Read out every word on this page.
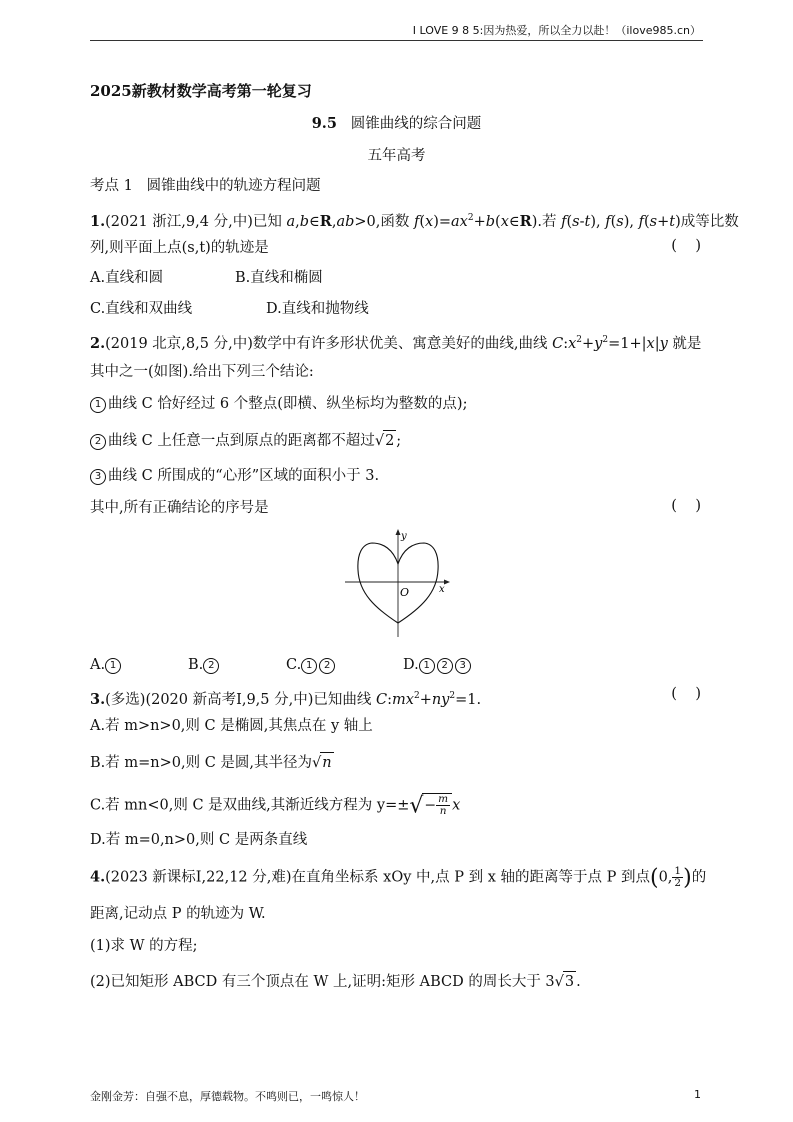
I LOVE 9 8 5:因为热爱，所以全力以赴！（ilove985.cn）
2025新教材数学高考第一轮复习
9.5 圆锥曲线的综合问题
五年高考
考点 1 圆锥曲线中的轨迹方程问题
1.(2021 浙江,9,4 分,中)已知 a,b∈R,ab>0,函数 $f(x)=ax^2+b(x\in R)$.若 f(s-t), f(s), f(s+t)成等比数
列,则平面上点(s,t)的轨迹是	(    )
A.直线和圆	B.直线和椭圆
C.直线和双曲线	D.直线和抛物线
2.(2019 北京,8,5 分,中)数学中有许多形状优美、寓意美好的曲线,曲线 $C:x^2+y^2=1+|x|y$ 就是
其中之一(如图).给出下列三个结论:
1 曲线 C 恰好经过 6 个整点(即横、纵坐标均为整数的点);
2 曲线 C 上任意一点到原点的距离都不超过√2 ;
3 曲线 C 所围成的“心形”区域的面积小于 3.
其中,所有正确结论的序号是	(    )
O	x
y
A. 1	B. 2	C. 1 2	D. 1 2 3
3.(多选)(2020 新高考Ⅰ,9,5 分,中)已知曲线 $C:mx^2+ny^2=1$.	(    )
A.若 m>n>0,则 C 是椭圆,其焦点在 y 轴上
B.若 m=n>0,则 C 是圆,其半径为√n
C.若 mn<0,则 C 是双曲线,其渐近线方程为 $y=\pm√- \frac{m}{n}$ x
D.若 m=0,n>0,则 C 是两条直线
4.(2023 新课标Ⅰ,22,12 分,难)在直角坐标系 xOy 中,点 P 到 x 轴的距离等于点 P 到点(0, $\frac{1}{2}$ )的
距离,记动点 P 的轨迹为 W.
(1)求 W 的方程;
(2)已知矩形 ABCD 有三个顶点在 W 上,证明:矩形 ABCD 的周长大于 3√3 .
金刚金芳：自强不息，厚德载物。不鸣则已，一鸣惊人！	1
